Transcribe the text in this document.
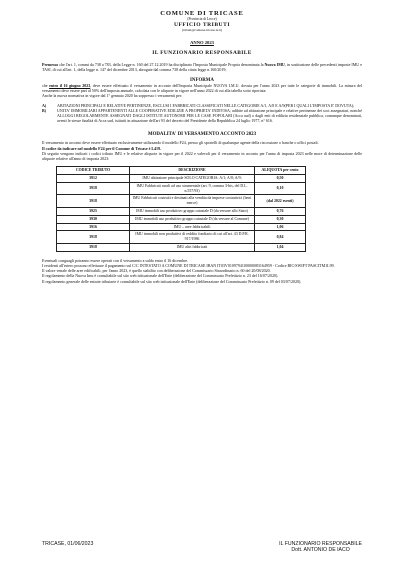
COMUNE DI TRICASE
(Provincia di Lecce)
UFFICIO TRIBUTI
(tributi@comune.tricase.le.it)
ANNO 2023
IL FUNZIONARIO RESPONSABILE

Premesso che l'art. 1, commi da 738 a 783, della Legge n. 160 del 27.12.2019 ha disciplinato l'Imposta Municipale Propria denominata la Nuova IMU, in sostituzione delle precedenti imposte IMU e TASI, di cui all'art. 1, della legge n. 147 del dicembre 2013, abrogate dal comma 738 della citata legge n.160/2019;

INFORMA

che entro il 16 giugno 2023, deve essere effettuato il versamento in acconto dell'Imposta Municipale NUOVA I.M.U. dovuta per l'anno 2023 per tutte le categorie di immobili. La misura del versamento deve essere pari al 50% dell'imposta annuale, calcolata con le aliquote in vigore nell'anno 2022 di cui alla tabella sotto riportata.

Anche la nuova normativa in vigore dal 1° gennaio 2020 ha soppresso i versamenti per:

A)	ABITAZIONI PRINCIPALI E RELATIVE PERTINENZE, ESCLUSI I FABBRICATI CLASSIFICATI NELLE CATEGORIE A/1, A/8 E A/9(PER I QUALI L'IMPOSTA E' DOVUTA);
B)	UNITA' IMMOBILIARI APPARTENENTI ALLE COOPERATIVE EDILIZIE A PROPRIETA' INDIVISA, adibite ad abitazione principale e relative pertinenze dei soci assegnatari, nonché ALLOGGI REGOLARMENTE ASSEGNATI DAGLI ISTITUTI AUTONOMI PER LE CASE POPOLARI (Acca sud) o dagli enti di edilizia residenziale pubblica, comunque denominati, aventi le stesse finalità di Acca sud, istituiti in attuazione dell'art 93 del decreto del Presidente della Repubblica 24 luglio 1977, n° 616.
MODALITA' DI VERSAMENTO ACCONTO 2023

Il versamento in acconto deve essere effettuato esclusivamente utilizzando il modello F24, presso gli sportelli di qualunque agente della riscossione o banche o uffici postali.

Il codice da indicare nel modello F24 per il Comune di Tricase è L419.

Di seguito vengono indicati i codici tributo IMU e le relative aliquote in vigore per il 2022 e valevoli per il versamento in acconto per l'anno di imposta 2023 nelle more di determinazione delle aliquote relative all'anno di imposta 2023:

CODICE TRIBUTO	DESCRIZIONE	ALIQUOTA per cento
3912	IMU abitazione principale SOLO CATEGORIA: A/1; A/8; A/9;	0,50
3918	IMU Fabbricati rurali ad uso strumentale (art. 9, comma 3-bis, del D.L. n.557/93)	0,10
3918	IMU Fabbricati costruiti e destinati alla vendita da imprese costruttrici (beni merce)	(dal 2022 esenti)
3925	IMU immobili uso produttivo gruppo catastale D (da versare allo Stato)	0,76
3930	IMU immobili uso produttivo gruppo catastale D (da versare al Comune)	0,30
3916	IMU – aree fabbricabili	1,06
3918	IMU immobili non produttivi di reddito fondiario di cui all'art. 43 D.P.R. 917/1986	0,84
3918	IMU altri fabbricati	1,04

Eventuali conguagli potranno essere operati con il versamento a saldo entro il 16 dicembre.

I residenti all'estero possono effettuare il pagamento sul C/C INTESTATO A COMUNE DI TRICASE IBAN IT03V0109794100000083164959 - Codice BIC/SWIFT PASCITM1L99.

Il valore venale delle aree edificabili, per l'anno 2023, è quello stabilito con deliberazione del Commissario Straordinario n. 60 del 20/08/2020.

Il regolamento della Nuova Imu è consultabile sul sito web istituzionale dell'Ente (deliberazione del Commissario Prefettizio n. 23 del 16/07/2020).

Il regolamento generale delle entrate tributarie è consultabile sul sito web istituzionale dell'Ente (deliberazione del Commissario Prefettizio n. 09 del 03/07/2020).

TRICASE, 01/06/2023	IL FUNZIONARIO RESPONSABILE
Dott. ANTONIO DE IACO
